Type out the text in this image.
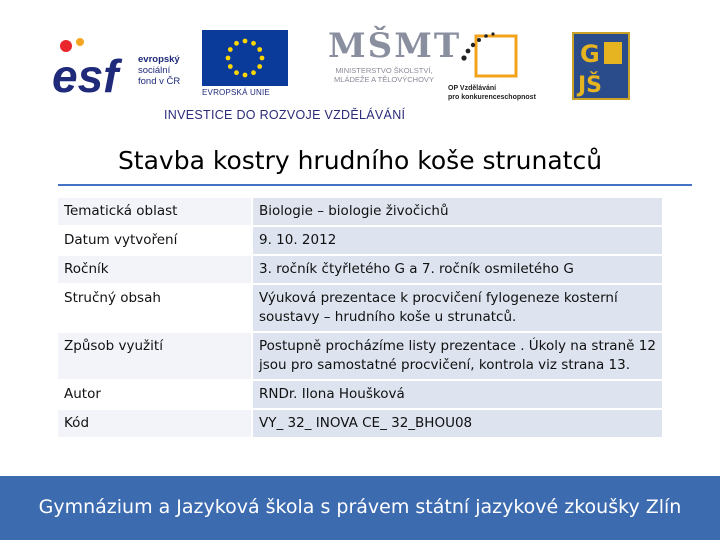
esf	evropský
sociální
fond v ČR
EVROPSKÁ UNIE
MŠMT
MINISTERSTVO ŠKOLSTVÍ,
MLÁDEŽE A TĚLOVÝCHOVY
OP Vzdělávání
pro konkurenceschopnost
G
JŠ
INVESTICE DO ROZVOJE VZDĚLÁVÁNÍ
Stavba kostry hrudního koše strunatců
Tematická oblast	Biologie – biologie živočichů
Datum vytvoření	9. 10. 2012
Ročník	3. ročník čtyřletého G a 7. ročník osmiletého G
Stručný obsah	Výuková prezentace k procvičení fylogeneze kosterní soustavy – hrudního koše u strunatců.
Způsob využití	Postupně procházíme listy prezentace . Úkoly na straně 12 jsou pro samostatné procvičení, kontrola viz strana 13.
Autor	RNDr. Ilona Houšková
Kód	VY_ 32_ INOVA CE_ 32_BHOU08
Gymnázium a Jazyková škola s právem státní jazykové zkoušky Zlín
